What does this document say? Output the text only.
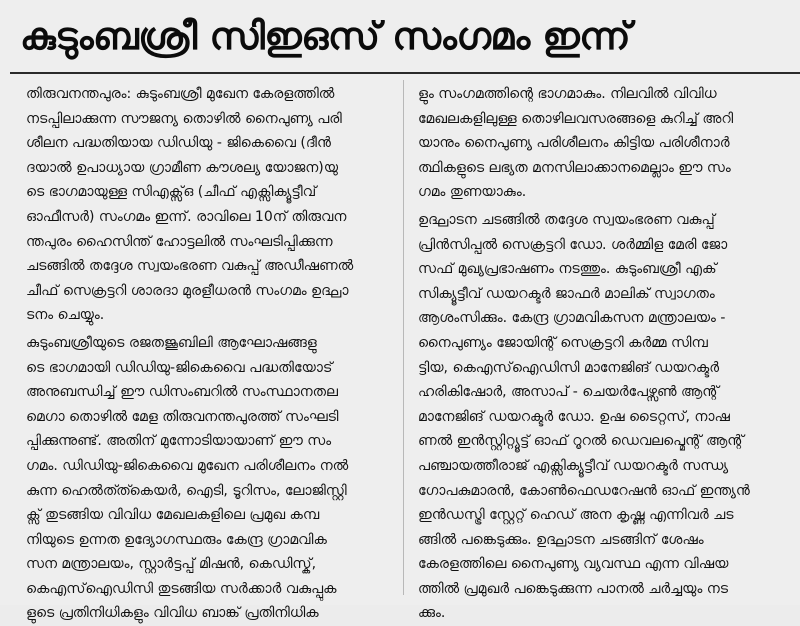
കുടുംബശ്രീ സിഇഒസ് സംഗമം ഇന്ന്

തിരുവനന്തപുരം: കുടുംബശ്രീ മുഖേന കേരളത്തിൽ
നടപ്പിലാക്കുന്ന സൗജന്യ തൊഴിൽ നൈപുണ്യ പരി
ശീലന പദ്ധതിയായ ഡിഡിയു - ജികെവൈ (ദീൻ
ദയാൽ ഉപാധ്യായ ഗ്രാമീണ കൗശല്യ യോജന)യു
ടെ ഭാഗമായുള്ള സിഎക്സ്ഒ (ചീഫ് എക്സിക്യൂട്ടീവ്
ഓഫീസർ) സംഗമം ഇന്ന്. രാവിലെ 10ന് തിരുവന
ന്തപുരം ഹൈസിന്ത് ഹോട്ടലിൽ സംഘടിപ്പിക്കുന്ന
ചടങ്ങിൽ തദ്ദേശ സ്വയംഭരണ വകുപ്പ് അഡീഷണൽ
ചീഫ് സെക്രട്ടറി ശാരദാ മുരളീധരൻ സംഗമം ഉദ്ഘാ
ടനം ചെയ്യും.

കുടുംബശ്രീയുടെ രജതജൂബിലി ആഘോഷങ്ങളു
ടെ ഭാഗമായി ഡിഡിയു-ജികെവൈ പദ്ധതിയോട്
അനുബന്ധിച്ച് ഈ ഡിസംബറിൽ സംസ്ഥാനതല
മെഗാ തൊഴിൽ മേള തിരുവനന്തപുരത്ത് സംഘടി
പ്പിക്കുന്നുണ്ട്. അതിന് മുന്നോടിയായാണ് ഈ സം
ഗമം. ഡിഡിയു-ജികെവൈ മുഖേന പരിശീലനം നൽ
കുന്ന ഹെൽത്ത്കെയർ, ഐടി, ടൂറിസം, ലോജിസ്റ്റി
ക്സ് തുടങ്ങിയ വിവിധ മേഖലകളിലെ പ്രമുഖ കമ്പ
നിയുടെ ഉന്നത ഉദ്യോഗസ്ഥരും കേന്ദ്ര ഗ്രാമവിക
സന മന്ത്രാലയം, സ്റ്റാർട്ടപ്പ് മിഷൻ, കെഡിസ്ക്,
കെഎസ്ഐഡിസി തുടങ്ങിയ സർക്കാർ വകുപ്പുക
ളുടെ പ്രതിനിധികളും വിവിധ ബാങ്ക് പ്രതിനിധിക

ളും സംഗമത്തിന്റെ ഭാഗമാകും. നിലവിൽ വിവിധ
മേഖലകളിലുള്ള തൊഴിലവസരങ്ങളെ കുറിച്ച് അറി
യാനും നൈപുണ്യ പരിശീലനം കിട്ടിയ പരിശീനാർ
ത്ഥികളുടെ ലഭ്യത മനസിലാക്കാനമെല്ലാം ഈ സം
ഗമം തുണയാകും.

ഉദ്ഘാടന ചടങ്ങിൽ തദ്ദേശ സ്വയംഭരണ വകുപ്പ്
പ്രിൻസിപ്പൽ സെക്രട്ടറി ഡോ. ശർമ്മിള മേരി ജോ
സഫ് മുഖ്യപ്രഭാഷണം നടത്തും. കുടുംബശ്രീ എക്
സിക്യൂട്ടീവ് ഡയറക്ടർ ജാഫർ മാലിക് സ്വാഗതം
ആശംസിക്കും. കേന്ദ്ര ഗ്രാമവികസന മന്ത്രാലയം -
നൈപുണ്യം ജോയിന്റ് സെക്രട്ടറി കർമ്മ സിമ്പ
ട്ടിയ, കെഎസ്ഐഡിസി മാനേജിങ് ഡയറക്ടർ
ഹരികിഷോർ, അസാപ് - ചെയർപേഴ്സൺ ആന്റ്
മാനേജിങ് ഡയറക്ടർ ഡോ. ഉഷ ടൈറ്റസ്, നാഷ
ണൽ ഇൻസ്റ്റിറ്റ്യൂട്ട് ഓഫ് റൂറൽ ഡെവലപ്മെന്റ് ആന്റ്
പഞ്ചായത്തീരാജ് എക്സിക്യൂട്ടീവ് ഡയറക്ടർ സന്ധ്യ
ഗോപകുമാരൻ, കോൺഫെഡറേഷൻ ഓഫ് ഇന്ത്യൻ
ഇൻഡസ്ട്രി സ്റ്റേറ്റ് ഹെഡ് അന കൃഷ്ണ എന്നിവർ ചട
ങ്ങിൽ പങ്കെടുക്കും. ഉദ്ഘാടന ചടങ്ങിന് ശേഷം
കേരളത്തിലെ നൈപുണ്യ വ്യവസ്ഥ എന്ന വിഷയ
ത്തിൽ പ്രമുഖർ പങ്കെടുക്കുന്ന പാനൽ ചർച്ചയും നട
ക്കും.
